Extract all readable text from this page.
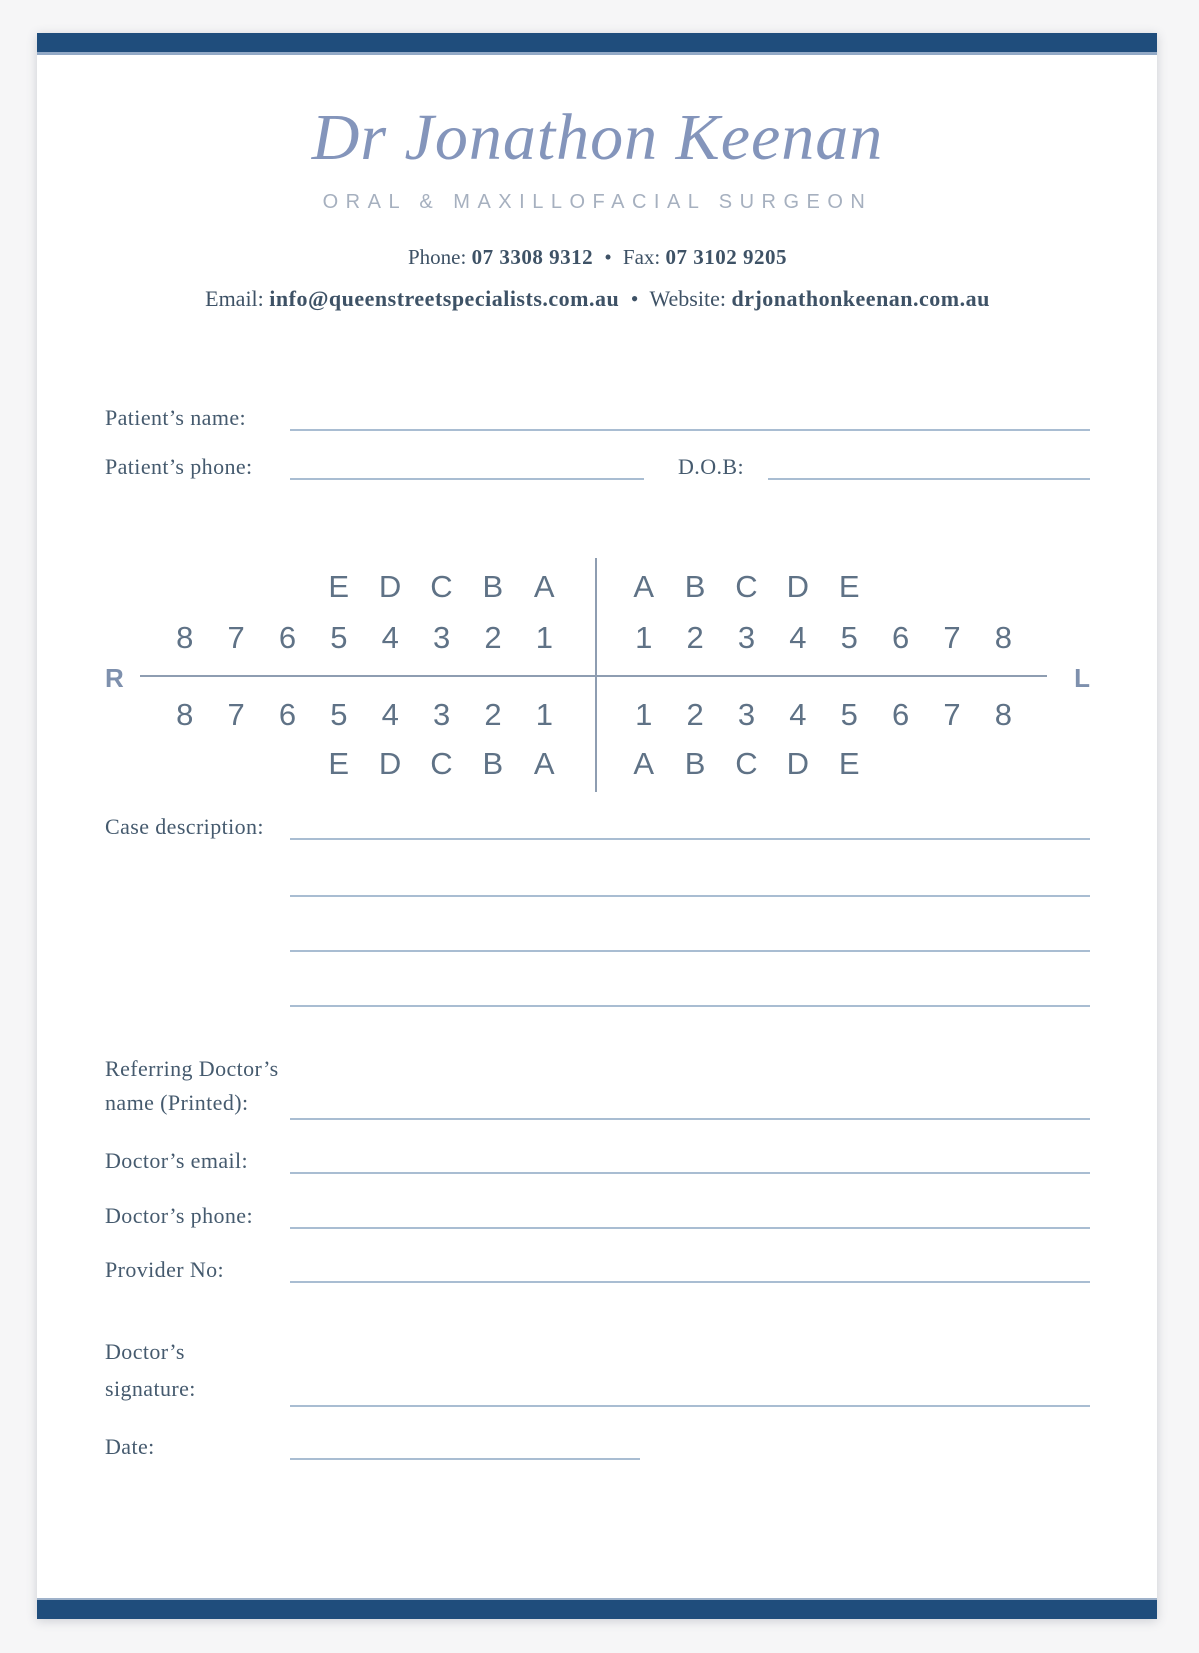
Dr Jonathon Keenan
ORAL & MAXILLOFACIAL SURGEON
Phone: 07 3308 9312 • Fax: 07 3102 9205
Email: info@queenstreetspecialists.com.au • Website: drjonathonkeenan.com.au
Patient’s name:
Patient’s phone:	D.O.B:
R	L
E D C B A	A B C D E
8	7	6	5	4	3	2	1	1	2	3	4	5	6	7	8
8	7	6	5	4	3	2	1	1	2	3	4	5	6	7	8
E D C B A	A B C D E
Case description:
Referring Doctor’s
name (Printed):
Doctor’s email:
Doctor’s phone:
Provider No:
Doctor’s
signature:
Date:
